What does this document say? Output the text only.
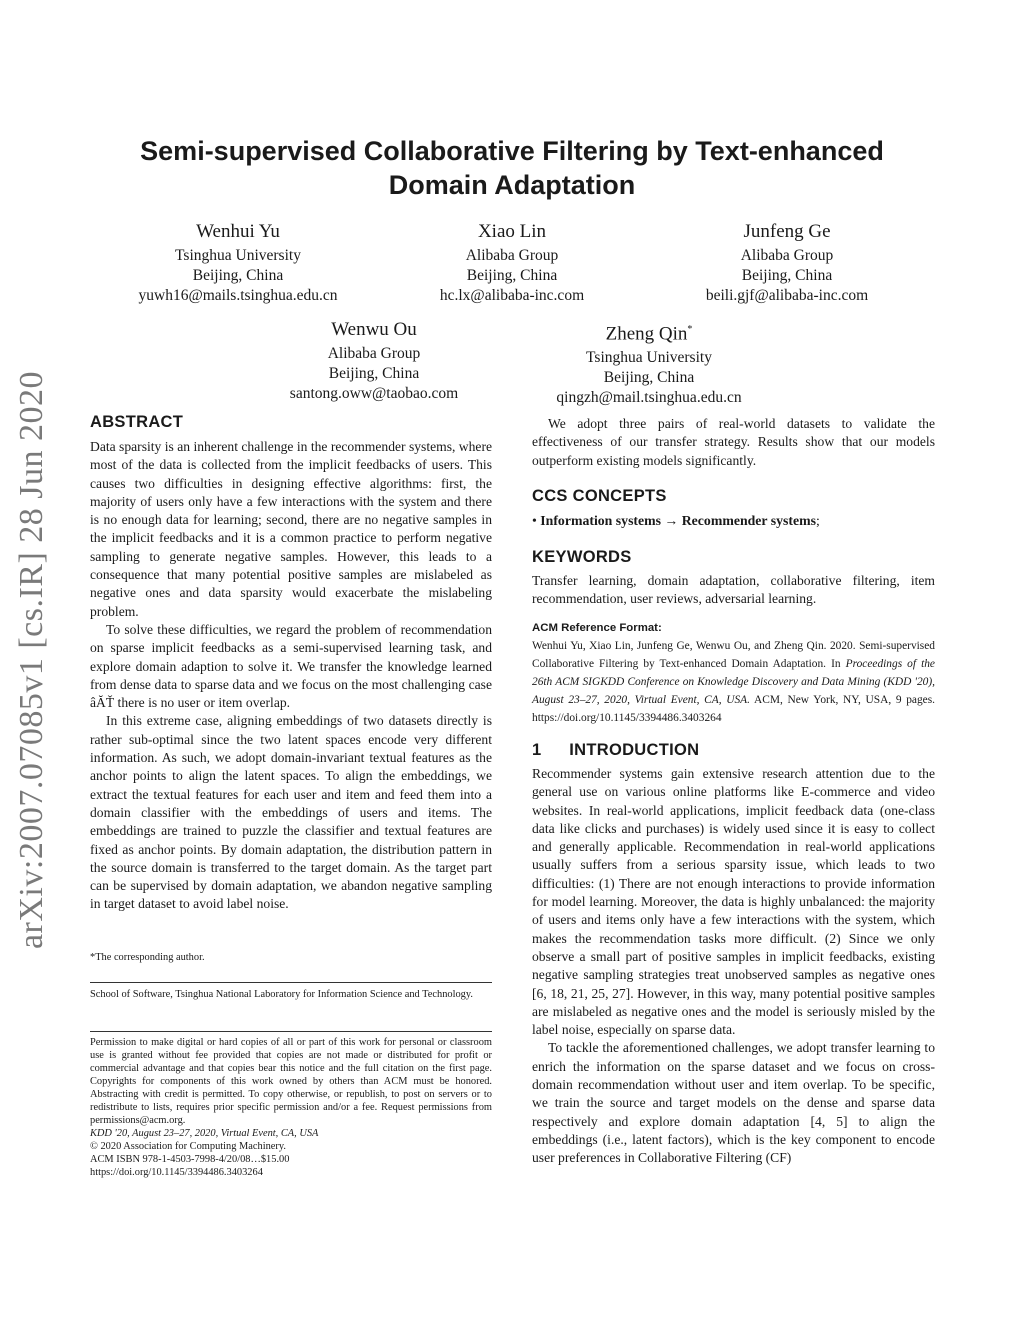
arXiv:2007.07085v1 [cs.IR] 28 Jun 2020
Semi-supervised Collaborative Filtering by Text-enhanced
Domain Adaptation
Wenhui Yu
Tsinghua University
Beijing, China
yuwh16@mails.tsinghua.edu.cn
Xiao Lin
Alibaba Group
Beijing, China
hc.lx@alibaba-inc.com
Junfeng Ge
Alibaba Group
Beijing, China
beili.gjf@alibaba-inc.com
Wenwu Ou
Alibaba Group
Beijing, China
santong.oww@taobao.com
Zheng Qin*
Tsinghua University
Beijing, China
qingzh@mail.tsinghua.edu.cn
ABSTRACT

Data sparsity is an inherent challenge in the recommender systems, where most of the data is collected from the implicit feedbacks of users. This causes two difficulties in designing effective algorithms: first, the majority of users only have a few interactions with the system and there is no enough data for learning; second, there are no negative samples in the implicit feedbacks and it is a common practice to perform negative sampling to generate negative samples. However, this leads to a consequence that many potential positive samples are mislabeled as negative ones and data sparsity would exacerbate the mislabeling problem.

To solve these difficulties, we regard the problem of recommendation on sparse implicit feedbacks as a semi-supervised learning task, and explore domain adaption to solve it. We transfer the knowledge learned from dense data to sparse data and we focus on the most challenging case âĂŤ there is no user or item overlap.

In this extreme case, aligning embeddings of two datasets directly is rather sub-optimal since the two latent spaces encode very different information. As such, we adopt domain-invariant textual features as the anchor points to align the latent spaces. To align the embeddings, we extract the textual features for each user and item and feed them into a domain classifier with the embeddings of users and items. The embeddings are trained to puzzle the classifier and textual features are fixed as anchor points. By domain adaptation, the distribution pattern in the source domain is transferred to the target domain. As the target part can be supervised by domain adaptation, we abandon negative sampling in target dataset to avoid label noise.

*The corresponding author.
School of Software, Tsinghua National Laboratory for Information Science and Technology.

Permission to make digital or hard copies of all or part of this work for personal or classroom use is granted without fee provided that copies are not made or distributed for profit or commercial advantage and that copies bear this notice and the full citation on the first page. Copyrights for components of this work owned by others than ACM must be honored. Abstracting with credit is permitted. To copy otherwise, or republish, to post on servers or to redistribute to lists, requires prior specific permission and/or a fee. Request permissions from permissions@acm.org.

KDD '20, August 23–27, 2020, Virtual Event, CA, USA

© 2020 Association for Computing Machinery.

ACM ISBN 978-1-4503-7998-4/20/08…$15.00

https://doi.org/10.1145/3394486.3403264

We adopt three pairs of real-world datasets to validate the effectiveness of our transfer strategy. Results show that our models outperform existing models significantly.

CCS CONCEPTS
• Information systems → Recommender systems;
KEYWORDS
Transfer learning, domain adaptation, collaborative filtering, item recommendation, user reviews, adversarial learning.

ACM Reference Format:

Wenhui Yu, Xiao Lin, Junfeng Ge, Wenwu Ou, and Zheng Qin. 2020. Semi-supervised Collaborative Filtering by Text-enhanced Domain Adaptation. In Proceedings of the 26th ACM SIGKDD Conference on Knowledge Discovery and Data Mining (KDD '20), August 23–27, 2020, Virtual Event, CA, USA. ACM, New York, NY, USA, 9 pages. https://doi.org/10.1145/3394486.3403264

1 INTRODUCTION

Recommender systems gain extensive research attention due to the general use on various online platforms like E-commerce and video websites. In real-world applications, implicit feedback data (one-class data like clicks and purchases) is widely used since it is easy to collect and generally applicable. Recommendation in real-world applications usually suffers from a serious sparsity issue, which leads to two difficulties: (1) There are not enough interactions to provide information for model learning. Moreover, the data is highly unbalanced: the majority of users and items only have a few interactions with the system, which makes the recommendation tasks more difficult. (2) Since we only observe a small part of positive samples in implicit feedbacks, existing negative sampling strategies treat unobserved samples as negative ones [6, 18, 21, 25, 27]. However, in this way, many potential positive samples are mislabeled as negative ones and the model is seriously misled by the label noise, especially on sparse data.

To tackle the aforementioned challenges, we adopt transfer learning to enrich the information on the sparse dataset and we focus on cross-domain recommendation without user and item overlap. To be specific, we train the source and target models on the dense and sparse data respectively and explore domain adaptation [4, 5] to align the embeddings (i.e., latent factors), which is the key component to encode user preferences in Collaborative Filtering (CF)
